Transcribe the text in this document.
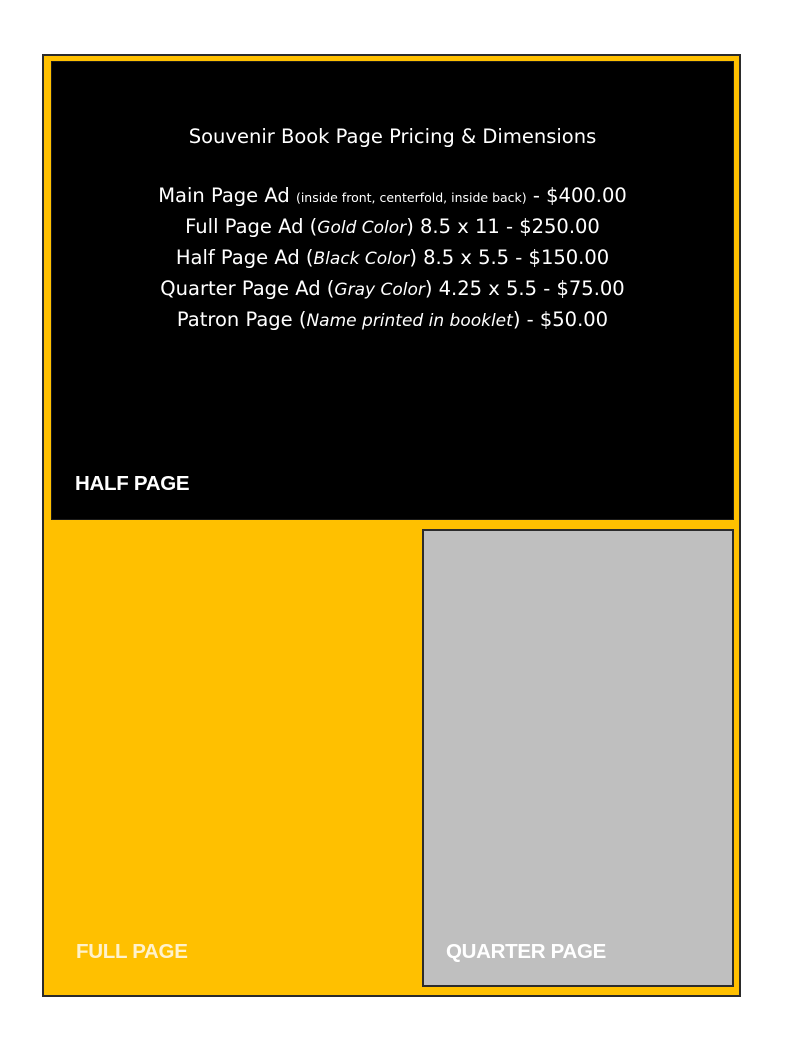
Souvenir Book Page Pricing & Dimensions
Main Page Ad (inside front, centerfold, inside back) - $400.00
Full Page Ad (Gold Color) 8.5 x 11 - $250.00
Half Page Ad (Black Color) 8.5 x 5.5 - $150.00
Quarter Page Ad (Gray Color) 4.25 x 5.5 - $75.00
Patron Page (Name printed in booklet) - $50.00
HALF PAGE
QUARTER PAGE
FULL PAGE
